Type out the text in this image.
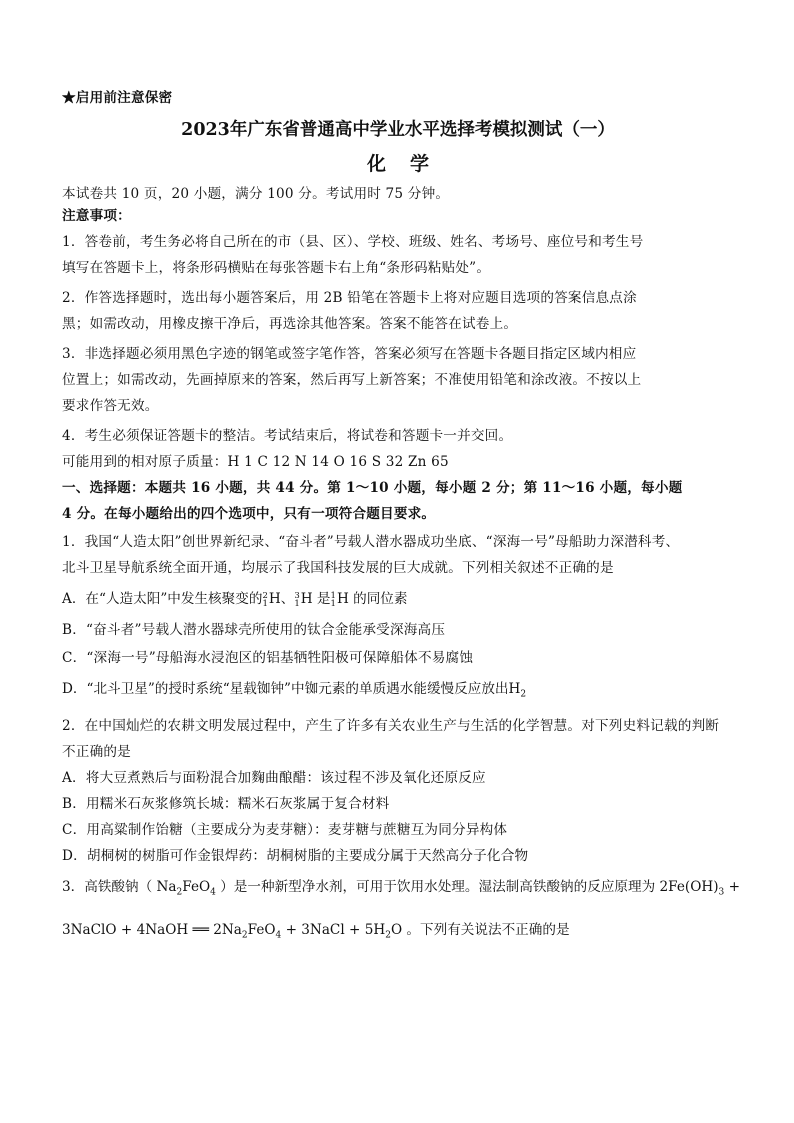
★启用前注意保密
2023年广东省普通高中学业水平选择考模拟测试（一）
化学
本试卷共 10 页，20 小题，满分 100 分。考试用时 75 分钟。
注意事项：
1．答卷前，考生务必将自己所在的市（县、区）、学校、班级、姓名、考场号、座位号和考生号
填写在答题卡上，将条形码横贴在每张答题卡右上角“条形码粘贴处”。
2．作答选择题时，选出每小题答案后，用 2B 铅笔在答题卡上将对应题目选项的答案信息点涂
黑；如需改动，用橡皮擦干净后，再选涂其他答案。答案不能答在试卷上。
3．非选择题必须用黑色字迹的钢笔或签字笔作答，答案必须写在答题卡各题目指定区域内相应
位置上；如需改动，先画掉原来的答案，然后再写上新答案；不准使用铅笔和涂改液。不按以上
要求作答无效。
4．考生必须保证答题卡的整洁。考试结束后，将试卷和答题卡一并交回。
可能用到的相对原子质量：H 1 C 12 N 14 O 16 S 32 Zn 65
一、选择题：本题共 16 小题，共 44 分。第 1～10 小题，每小题 2 分；第 11～16 小题，每小题
4 分。在每小题给出的四个选项中，只有一项符合题目要求。
1．我国“人造太阳”创世界新纪录、“奋斗者”号载人潜水器成功坐底、“深海一号”母船助力深潜科考、
北斗卫星导航系统全面开通，均展示了我国科技发展的巨大成就。下列相关叙述不正确的是
A．在“人造太阳”中发生核聚变的 2
1 H、 3
1 H 是 1
1 H 的同位素
B．“奋斗者”号载人潜水器球壳所使用的钛合金能承受深海高压
C．“深海一号”母船海水浸泡区的铝基牺牲阳极可保障船体不易腐蚀
D．“北斗卫星”的授时系统“星载铷钟”中铷元素的单质遇水能缓慢反应放出$H_2$
2．在中国灿烂的农耕文明发展过程中，产生了许多有关农业生产与生活的化学智慧。对下列史料记载的判断
不正确的是
A．将大豆煮熟后与面粉混合加麴曲酿醋：该过程不涉及氧化还原反应
B．用糯米石灰浆修筑长城：糯米石灰浆属于复合材料
C．用高粱制作饴糖（主要成分为麦芽糖）：麦芽糖与蔗糖互为同分异构体
D．胡桐树的树脂可作金银焊药：胡桐树脂的主要成分属于天然高分子化合物
3．高铁酸钠（ $Na_2FeO_4$ ）是一种新型净水剂，可用于饮用水处理。湿法制高铁酸钠的反应原理为 $2Fe(OH)_3$ +
3NaClO + 4NaOH ══ $2Na_2FeO_4$ + 3NaCl + $5H_2O$ 。下列有关说法不正确的是
